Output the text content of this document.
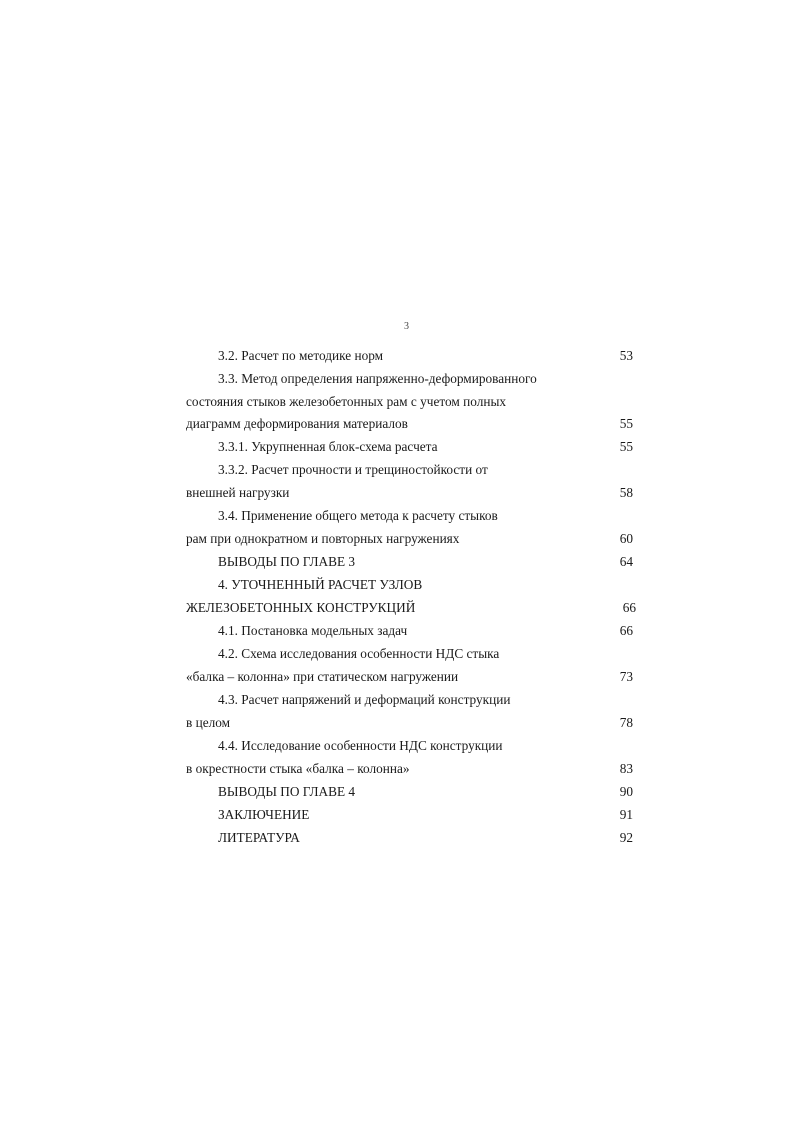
3
3.2. Расчет по методике норм	53
3.3. Метод определения напряженно-деформированного
состояния стыков железобетонных рам с учетом полных
диаграмм деформирования материалов	55
3.3.1. Укрупненная блок-схема расчета	55
3.3.2. Расчет прочности и трещиностойкости от
внешней нагрузки	58
3.4. Применение общего метода к расчету стыков
рам при однократном и повторных нагружениях	60
ВЫВОДЫ ПО ГЛАВЕ 3	64
4. УТОЧНЕННЫЙ РАСЧЕТ УЗЛОВ
ЖЕЛЕЗОБЕТОННЫХ КОНСТРУКЦИЙ	66
4.1. Постановка модельных задач	66
4.2. Схема исследования особенности НДС стыка
«балка – колонна» при статическом нагружении	73
4.3. Расчет напряжений и деформаций конструкции
в целом	78
4.4. Исследование особенности НДС конструкции
в окрестности стыка «балка – колонна»	83
ВЫВОДЫ ПО ГЛАВЕ 4	90
ЗАКЛЮЧЕНИЕ	91
ЛИТЕРАТУРА	92
